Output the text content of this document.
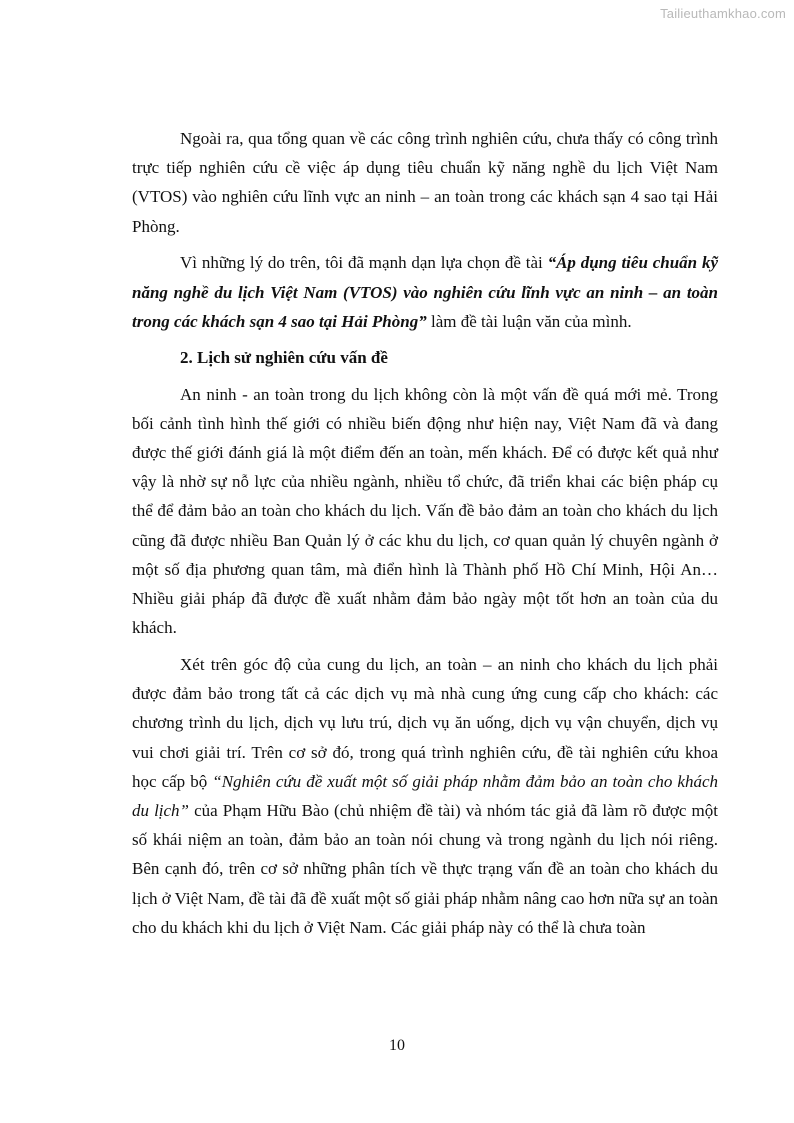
Tailieuthamkhao.com

Ngoài ra, qua tổng quan về các công trình nghiên cứu, chưa thấy có công trình trực tiếp nghiên cứu cề việc áp dụng tiêu chuẩn kỹ năng nghề du lịch Việt Nam (VTOS) vào nghiên cứu lĩnh vực an ninh – an toàn trong các khách sạn 4 sao tại Hải Phòng.

Vì những lý do trên, tôi đã mạnh dạn lựa chọn đề tài “Áp dụng tiêu chuẩn kỹ năng nghề du lịch Việt Nam (VTOS) vào nghiên cứu lĩnh vực an ninh – an toàn trong các khách sạn 4 sao tại Hải Phòng” làm đề tài luận văn của mình.

2. Lịch sử nghiên cứu vấn đề

An ninh - an toàn trong du lịch không còn là một vấn đề quá mới mẻ. Trong bối cảnh tình hình thế giới có nhiều biến động như hiện nay, Việt Nam đã và đang được thế giới đánh giá là một điểm đến an toàn, mến khách. Để có được kết quả như vậy là nhờ sự nỗ lực của nhiều ngành, nhiều tổ chức, đã triển khai các biện pháp cụ thể để đảm bảo an toàn cho khách du lịch. Vấn đề bảo đảm an toàn cho khách du lịch cũng đã được nhiều Ban Quản lý ở các khu du lịch, cơ quan quản lý chuyên ngành ở một số địa phương quan tâm, mà điển hình là Thành phố Hồ Chí Minh, Hội An… Nhiều giải pháp đã được đề xuất nhằm đảm bảo ngày một tốt hơn an toàn của du khách.

Xét trên góc độ của cung du lịch, an toàn – an ninh cho khách du lịch phải được đảm bảo trong tất cả các dịch vụ mà nhà cung ứng cung cấp cho khách: các chương trình du lịch, dịch vụ lưu trú, dịch vụ ăn uống, dịch vụ vận chuyển, dịch vụ vui chơi giải trí. Trên cơ sở đó, trong quá trình nghiên cứu, đề tài nghiên cứu khoa học cấp bộ “Nghiên cứu đề xuất một số giải pháp nhằm đảm bảo an toàn cho khách du lịch” của Phạm Hữu Bào (chủ nhiệm đề tài) và nhóm tác giả đã làm rõ được một số khái niệm an toàn, đảm bảo an toàn nói chung và trong ngành du lịch nói riêng. Bên cạnh đó, trên cơ sở những phân tích về thực trạng vấn đề an toàn cho khách du lịch ở Việt Nam, đề tài đã đề xuất một số giải pháp nhằm nâng cao hơn nữa sự an toàn cho du khách khi du lịch ở Việt Nam. Các giải pháp này có thể là chưa toàn

10
